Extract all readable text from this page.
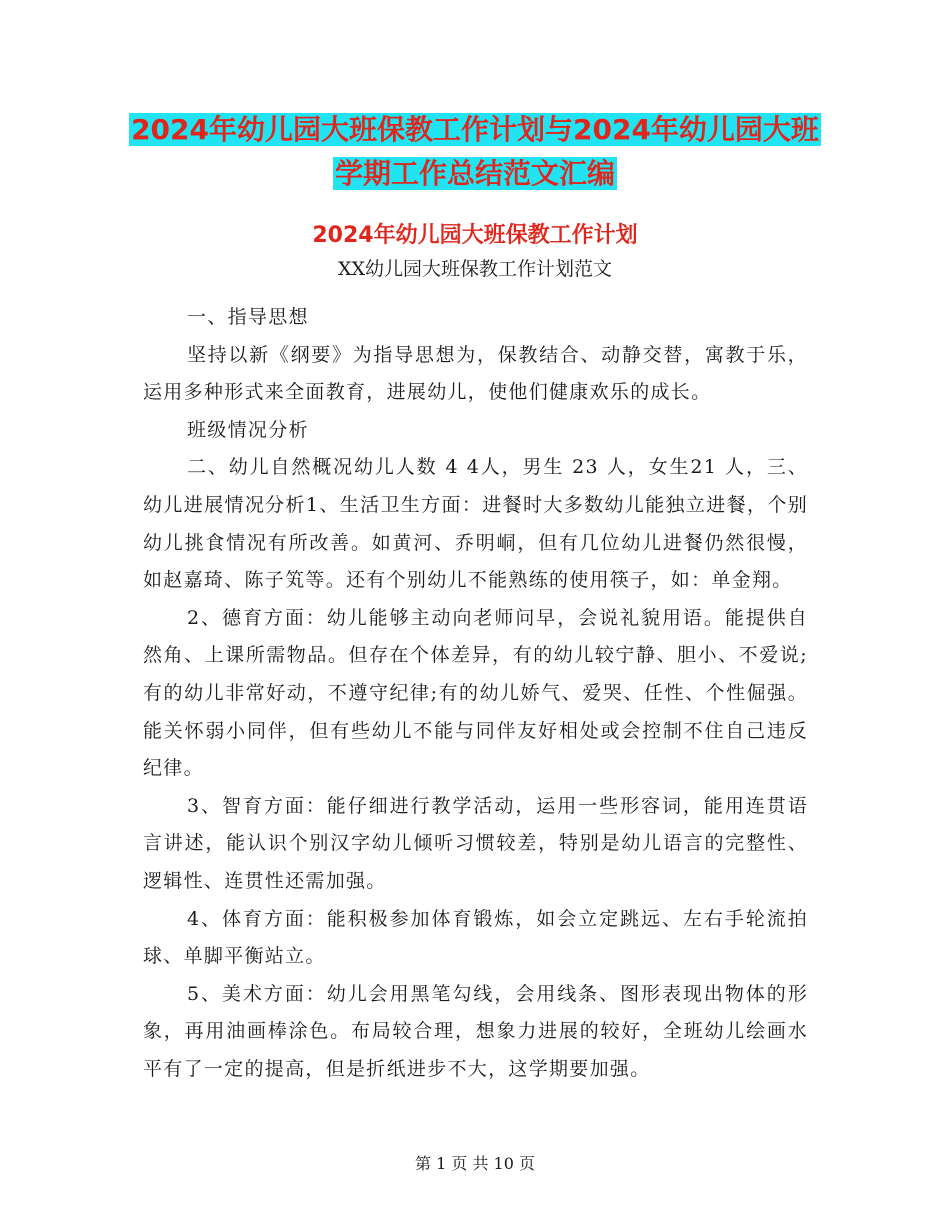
2024年幼儿园大班保教工作计划与2024年幼儿园大班
学期工作总结范文汇编
2024年幼儿园大班保教工作计划
XX幼儿园大班保教工作计划范文

一、指导思想

坚持以新《纲要》为指导思想为，保教结合、动静交替，寓教于乐，运用多种形式来全面教育，进展幼儿，使他们健康欢乐的成长。

班级情况分析

二、幼儿自然概况幼儿人数 4 4人，男生 23 人，女生21 人，三、幼儿进展情况分析1、生活卫生方面：进餐时大多数幼儿能独立进餐，个别幼儿挑食情况有所改善。如黄河、乔明峒，但有几位幼儿进餐仍然很慢，如赵嘉琦、陈子笂等。还有个别幼儿不能熟练的使用筷子，如：单金翔。

2、德育方面：幼儿能够主动向老师问早，会说礼貌用语。能提供自然角、上课所需物品。但存在个体差异，有的幼儿较宁静、胆小、不爱说;有的幼儿非常好动，不遵守纪律;有的幼儿娇气、爱哭、任性、个性倔强。能关怀弱小同伴，但有些幼儿不能与同伴友好相处或会控制不住自己违反纪律。

3、智育方面：能仔细进行教学活动，运用一些形容词，能用连贯语言讲述，能认识个别汉字幼儿倾听习惯较差，特别是幼儿语言的完整性、逻辑性、连贯性还需加强。

4、体育方面：能积极参加体育锻炼，如会立定跳远、左右手轮流拍球、单脚平衡站立。

5、美术方面：幼儿会用黑笔勾线，会用线条、图形表现出物体的形象，再用油画棒涂色。布局较合理，想象力进展的较好，全班幼儿绘画水平有了一定的提高，但是折纸进步不大，这学期要加强。

第 1 页 共 10 页
